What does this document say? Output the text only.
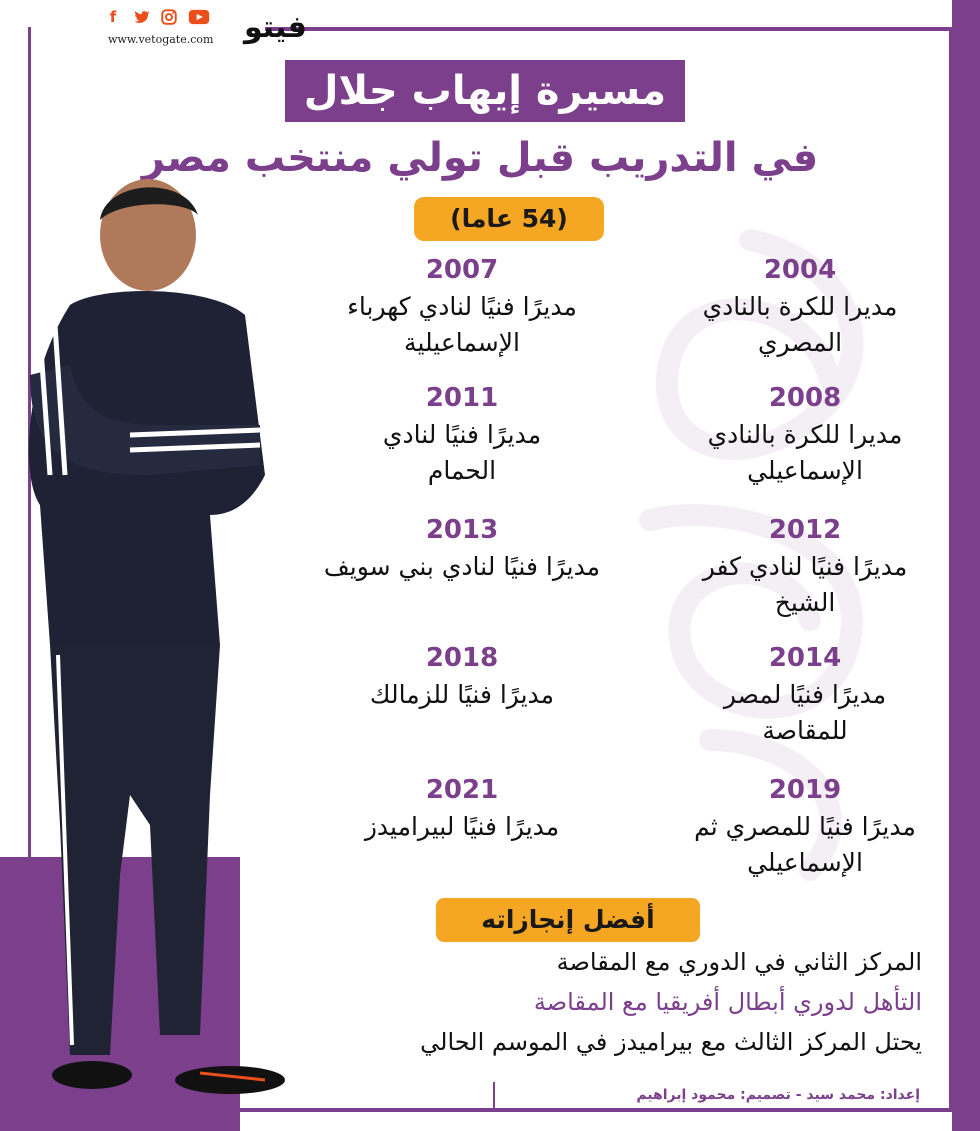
f
www.vetogate.com فيتو
مسيرة إيهاب جلال
في التدريب قبل تولي منتخب مصر
(54 عاما)
2004
مديرا للكرة بالنادي المصري
2008
مديرا للكرة بالنادي الإسماعيلي
2012
مديرًا فنيًا لنادي كفر الشيخ
2014
مديرًا فنيًا لمصر للمقاصة
2019
مديرًا فنيًا للمصري ثم الإسماعيلي
2007
مديرًا فنيًا لنادي كهرباء الإسماعيلية
2011
مديرًا فنيًا لنادي الحمام
2013
مديرًا فنيًا لنادي بني سويف
2018
مديرًا فنيًا للزمالك
2021
مديرًا فنيًا لبيراميدز
أفضل إنجازاته
المركز الثاني في الدوري مع المقاصة
التأهل لدوري أبطال أفريقيا مع المقاصة
يحتل المركز الثالث مع بيراميدز في الموسم الحالي
إعداد: محمد سيد - تصميم: محمود إبراهيم
